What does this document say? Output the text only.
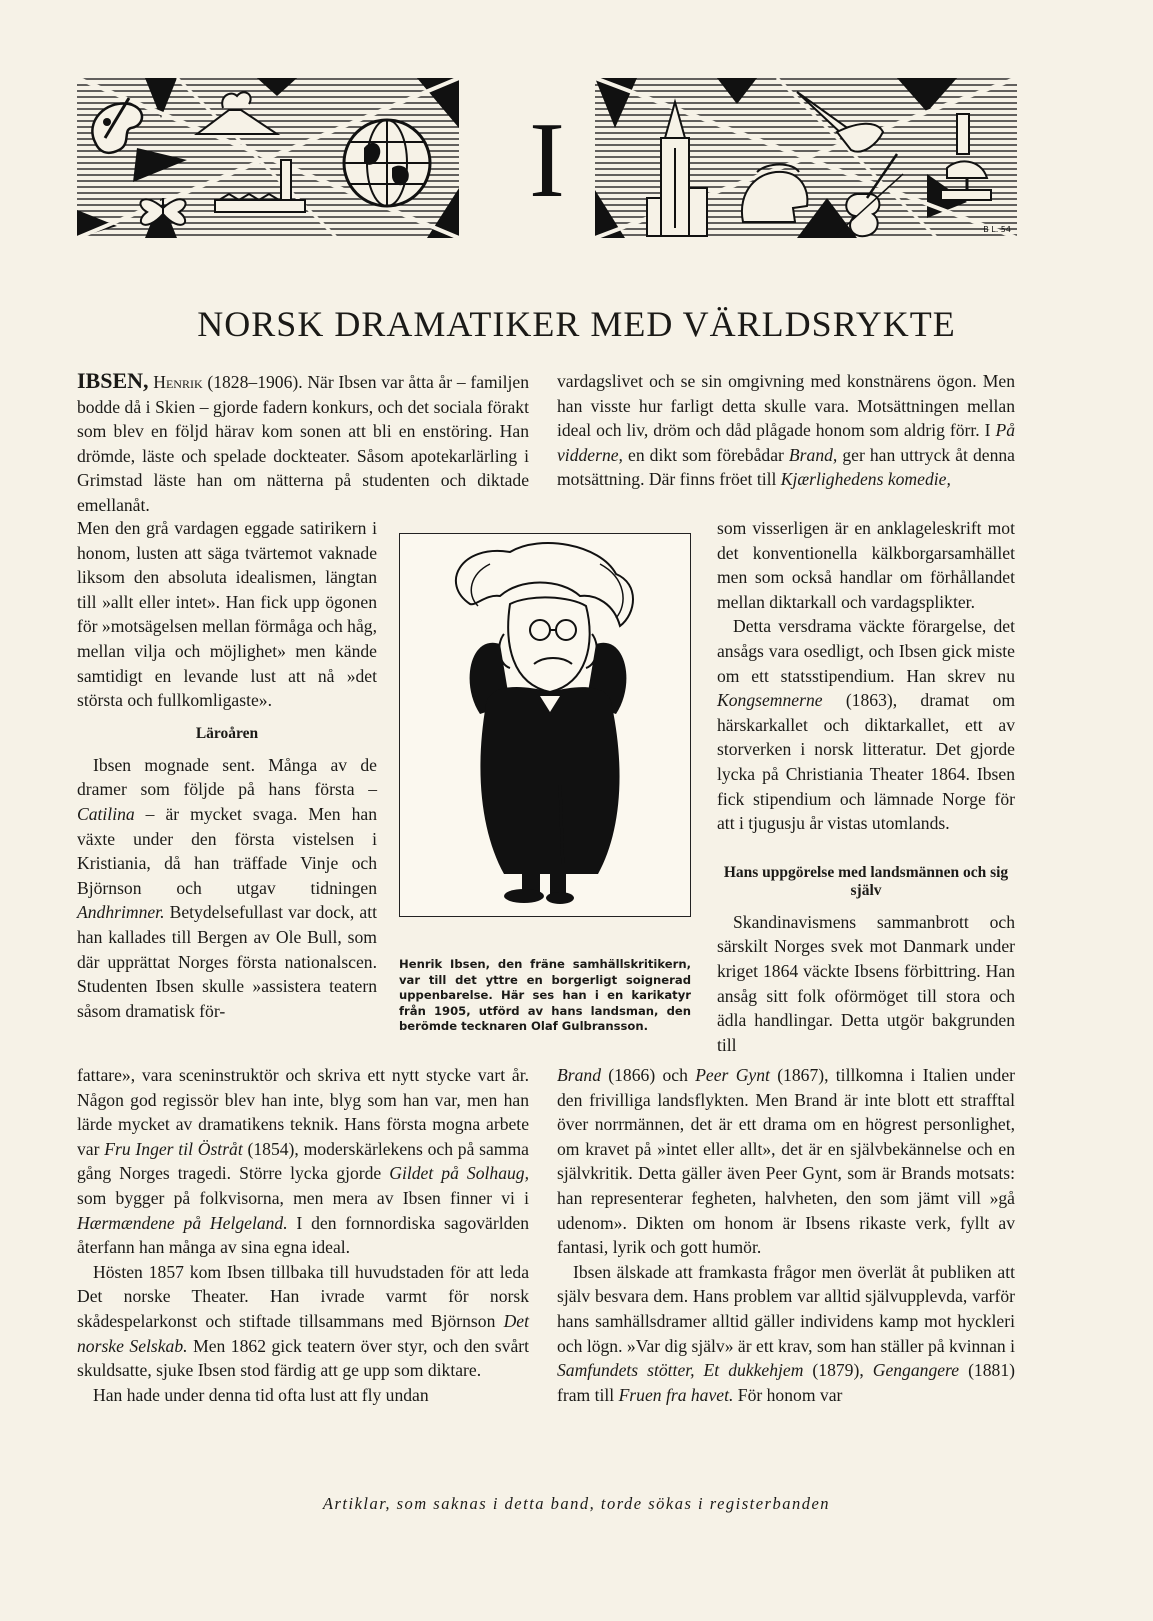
I
B L. 54
NORSK DRAMATIKER MED VÄRLDSRYKTE

IBSEN, Henrik (1828–1906). När Ibsen var åtta år – familjen bodde då i Skien – gjorde fadern konkurs, och det sociala förakt som blev en följd härav kom sonen att bli en enstöring. Han drömde, läste och spelade dockteater. Såsom apotekarlärling i Grimstad läste han om nätterna på studenten och diktade emellanåt.

Men den grå vardagen eggade satirikern i honom, lusten att säga tvärtemot vaknade liksom den absoluta idealismen, längtan till »allt eller intet». Han fick upp ögonen för »motsägelsen mellan förmåga och håg, mellan vilja och möjlighet» men kände samtidigt en levande lust att nå »det största och fullkomligaste».

Läroåren

Ibsen mognade sent. Många av de dramer som följde på hans första – Catilina – är mycket svaga. Men han växte under den första vistelsen i Kristiania, då han träffade Vinje och Björnson och utgav tidningen Andhrimner. Betydelsefullast var dock, att han kallades till Bergen av Ole Bull, som där upprättat Norges första nationalscen. Studenten Ibsen skulle »assistera teatern såsom dramatisk för-

fattare», vara sceninstruktör och skriva ett nytt stycke vart år. Någon god regissör blev han inte, blyg som han var, men han lärde mycket av dramatikens teknik. Hans första mogna arbete var Fru Inger til Östråt (1854), moderskärlekens och på samma gång Norges tragedi. Större lycka gjorde Gildet på Solhaug, som bygger på folkvisorna, men mera av Ibsen finner vi i Hærmændene på Helgeland. I den fornnordiska sagovärlden återfann han många av sina egna ideal.

Hösten 1857 kom Ibsen tillbaka till huvudstaden för att leda Det norske Theater. Han ivrade varmt för norsk skådespelarkonst och stiftade tillsammans med Björnson Det norske Selskab. Men 1862 gick teatern över styr, och den svårt skuldsatte, sjuke Ibsen stod färdig att ge upp som diktare.

Han hade under denna tid ofta lust att fly undan

vardagslivet och se sin omgivning med konstnärens ögon. Men han visste hur farligt detta skulle vara. Motsättningen mellan ideal och liv, dröm och dåd plågade honom som aldrig förr. I På vidderne, en dikt som förebådar Brand, ger han uttryck åt denna motsättning. Där finns fröet till Kjærlighedens komedie,

som visserligen är en anklageleskrift mot det konventionella kälkborgarsamhället men som också handlar om förhållandet mellan diktarkall och vardagsplikter.

Detta versdrama väckte förargelse, det ansågs vara osedligt, och Ibsen gick miste om ett statsstipendium. Han skrev nu Kongsemnerne (1863), dramat om härskarkallet och diktarkallet, ett av storverken i norsk litteratur. Det gjorde lycka på Christiania Theater 1864. Ibsen fick stipendium och lämnade Norge för att i tjugusju år vistas utomlands.

Hans uppgörelse med landsmännen och sig själv

Skandinavismens sammanbrott och särskilt Norges svek mot Danmark under kriget 1864 väckte Ibsens förbittring. Han ansåg sitt folk oförmöget till stora och ädla handlingar. Detta utgör bakgrunden till

Brand (1866) och Peer Gynt (1867), tillkomna i Italien under den frivilliga landsflykten. Men Brand är inte blott ett strafftal över norrmännen, det är ett drama om en högrest personlighet, om kravet på »intet eller allt», det är en självbekännelse och en självkritik. Detta gäller även Peer Gynt, som är Brands motsats: han representerar fegheten, halvheten, den som jämt vill »gå udenom». Dikten om honom är Ibsens rikaste verk, fyllt av fantasi, lyrik och gott humör.

Ibsen älskade att framkasta frågor men överlät åt publiken att själv besvara dem. Hans problem var alltid självupplevda, varför hans samhällsdramer alltid gäller individens kamp mot hyckleri och lögn. »Var dig själv» är ett krav, som han ställer på kvinnan i Samfundets stötter, Et dukkehjem (1879), Gengangere (1881) fram till Fruen fra havet. För honom var

Henrik Ibsen, den fräne samhällskritikern, var till det yttre en borgerligt soignerad uppenbarelse. Här ses han i en karikatyr från 1905, utförd av hans landsman, den berömde tecknaren Olaf Gulbransson.
Artiklar, som saknas i detta band, torde sökas i registerbanden
